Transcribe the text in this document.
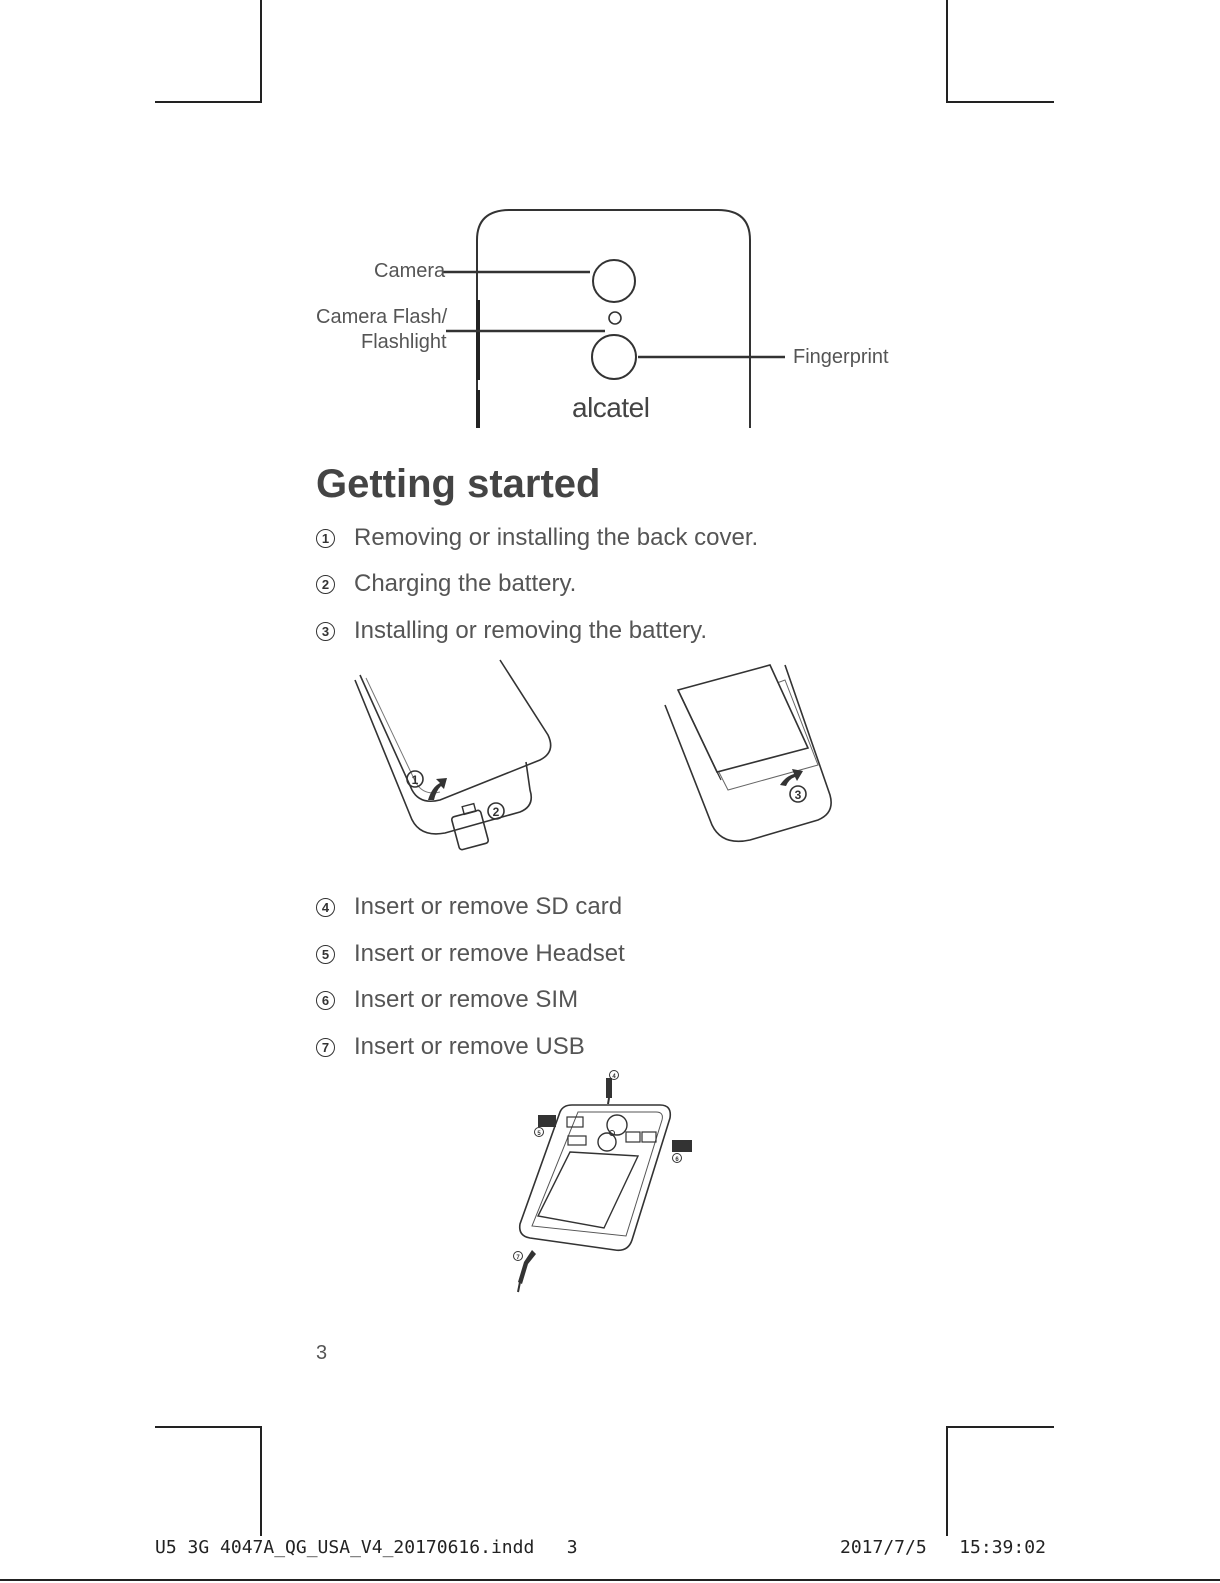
Camera
Camera Flash/
Flashlight
Fingerprint
alcatel
Getting started
1 Removing or installing the back cover.
2 Charging the battery.
3 Installing or removing the battery.
1
2
3
4 Insert or remove SD card
5 Insert or remove Headset
6 Insert or remove SIM
7 Insert or remove USB
4
5
6
7
3
U5 3G 4047A_QG_USA_V4_20170616.indd   3	2017/7/5   15:39:02
